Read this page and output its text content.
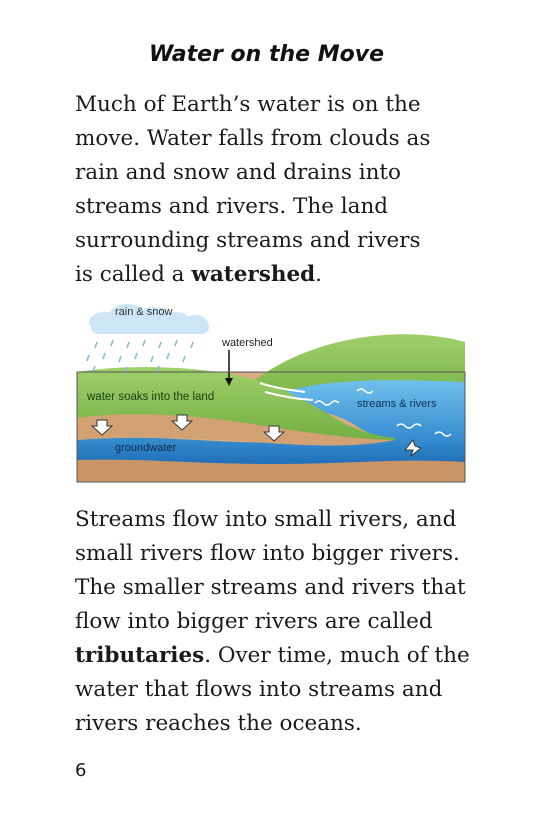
Water on the Move
Much of Earth’s water is on the
move. Water falls from clouds as
rain and snow and drains into
streams and rivers. The land
surrounding streams and rivers
is called a watershed.
rain & snow
watershed
water soaks into the land
streams & rivers
groundwater
Streams flow into small rivers, and
small rivers flow into bigger rivers.
The smaller streams and rivers that
flow into bigger rivers are called
tributaries. Over time, much of the
water that flows into streams and
rivers reaches the oceans.
6
